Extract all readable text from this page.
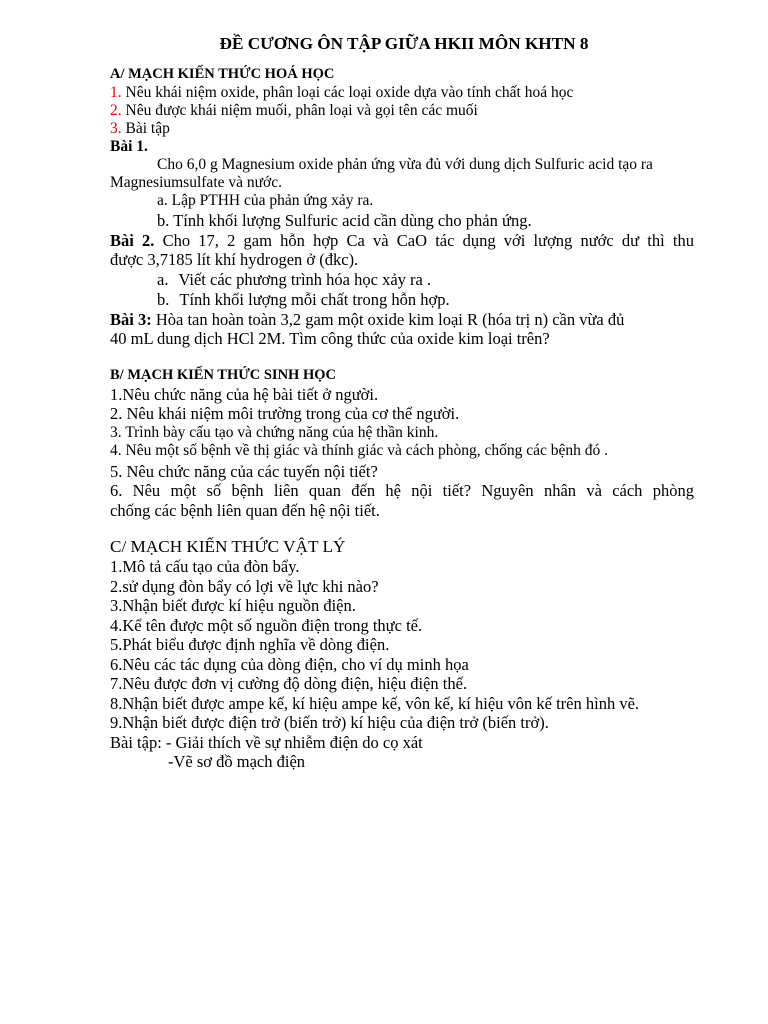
ĐỀ CƯƠNG ÔN TẬP GIỮA HKII MÔN KHTN 8
A/ MẠCH KIẾN THỨC HOÁ HỌC
1. Nêu khái niệm oxide, phân loại các loại oxide dựa vào tính chất hoá học
2. Nêu được khái niệm muối, phân loại và gọi tên các muối
3. Bài tập
Bài 1.
Cho 6,0 g Magnesium oxide phản ứng vừa đủ với dung dịch Sulfuric acid tạo ra
Magnesiumsulfate và nước.
a. Lập PTHH của phản ứng xảy ra.
b. Tính khối lượng Sulfuric acid cần dùng cho phản ứng.
Bài 2. Cho 17, 2 gam hỗn hợp Ca và CaO tác dụng với lượng nước dư thì thu
được 3,7185 lít khí hydrogen ở (đkc).
a. Viết các phương trình hóa học xảy ra .
b. Tính khối lượng mỗi chất trong hỗn hợp.
Bài 3: Hòa tan hoàn toàn 3,2 gam một oxide kim loại R (hóa trị n) cần vừa đủ
40 mL dung dịch HCl 2M. Tìm công thức của oxide kim loại trên?
B/ MẠCH KIẾN THỨC SINH HỌC
1.Nêu chức năng của hệ bài tiết ở người.
2. Nêu khái niệm môi trường trong của cơ thể người.
3. Trình bày cấu tạo và chứng năng của hệ thần kinh.
4. Nêu một số bệnh về thị giác và thính giác và cách phòng, chống các bệnh đó .
5. Nêu chức năng của các tuyến nội tiết?
6. Nêu một số bệnh liên quan đến hệ nội tiết? Nguyên nhân và cách phòng
chống các bệnh liên quan đến hệ nội tiết.
C/ MẠCH KIẾN THỨC VẬT LÝ
1.Mô tả cấu tạo của đòn bẩy.
2.sử dụng đòn bẩy có lợi về lực khi nào?
3.Nhận biết được kí hiệu nguồn điện.
4.Kể tên được một số nguồn điện trong thực tế.
5.Phát biểu được định nghĩa về dòng điện.
6.Nêu các tác dụng của dòng điện, cho ví dụ minh họa
7.Nêu được đơn vị cường độ dòng điện, hiệu điện thế.
8.Nhận biết được ampe kế, kí hiệu ampe kế, vôn kế, kí hiệu vôn kế trên hình vẽ.
9.Nhận biết được điện trở (biến trở) kí hiệu của điện trở (biến trở).
Bài tập: - Giải thích về sự nhiễm điện do cọ xát
-Vẽ sơ đồ mạch điện
